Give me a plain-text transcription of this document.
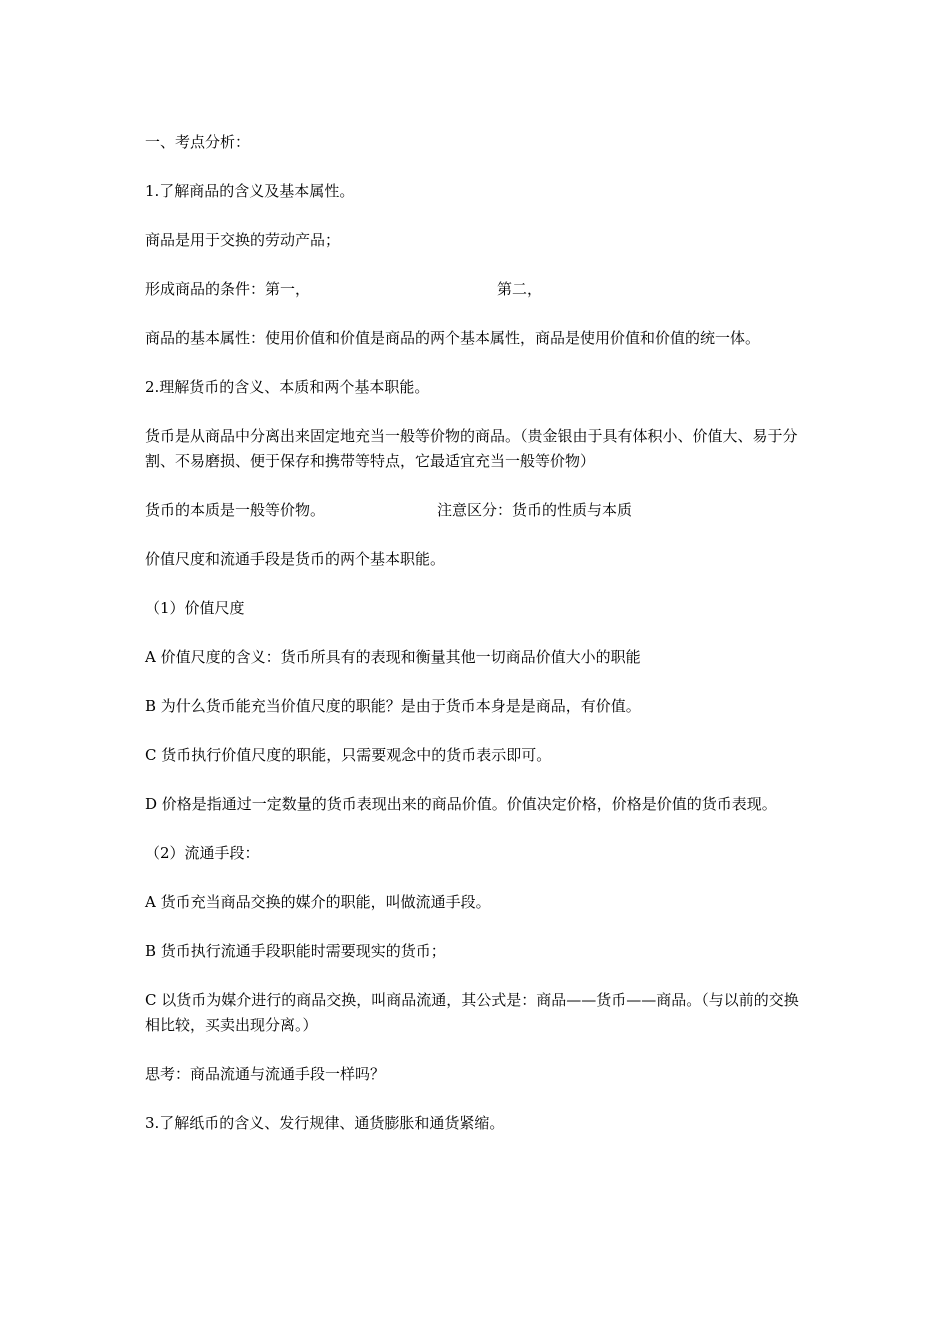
一、考点分析：

1.了解商品的含义及基本属性。

商品是用于交换的劳动产品；

形成商品的条件：第一，	第二，

商品的基本属性：使用价值和价值是商品的两个基本属性，商品是使用价值和价值的统一体。

2.理解货币的含义、本质和两个基本职能。

货币是从商品中分离出来固定地充当一般等价物的商品。（贵金银由于具有体积小、价值大、易于分割、不易磨损、便于保存和携带等特点，它最适宜充当一般等价物）

货币的本质是一般等价物。	注意区分：货币的性质与本质

价值尺度和流通手段是货币的两个基本职能。

（1）价值尺度

A 价值尺度的含义：货币所具有的表现和衡量其他一切商品价值大小的职能

B 为什么货币能充当价值尺度的职能？是由于货币本身是是商品，有价值。

C 货币执行价值尺度的职能，只需要观念中的货币表示即可。

D 价格是指通过一定数量的货币表现出来的商品价值。价值决定价格，价格是价值的货币表现。

（2）流通手段：

A 货币充当商品交换的媒介的职能，叫做流通手段。

B 货币执行流通手段职能时需要现实的货币；

C 以货币为媒介进行的商品交换，叫商品流通，其公式是：商品——货币——商品。（与以前的交换相比较，买卖出现分离。）

思考：商品流通与流通手段一样吗？

3.了解纸币的含义、发行规律、通货膨胀和通货紧缩。
